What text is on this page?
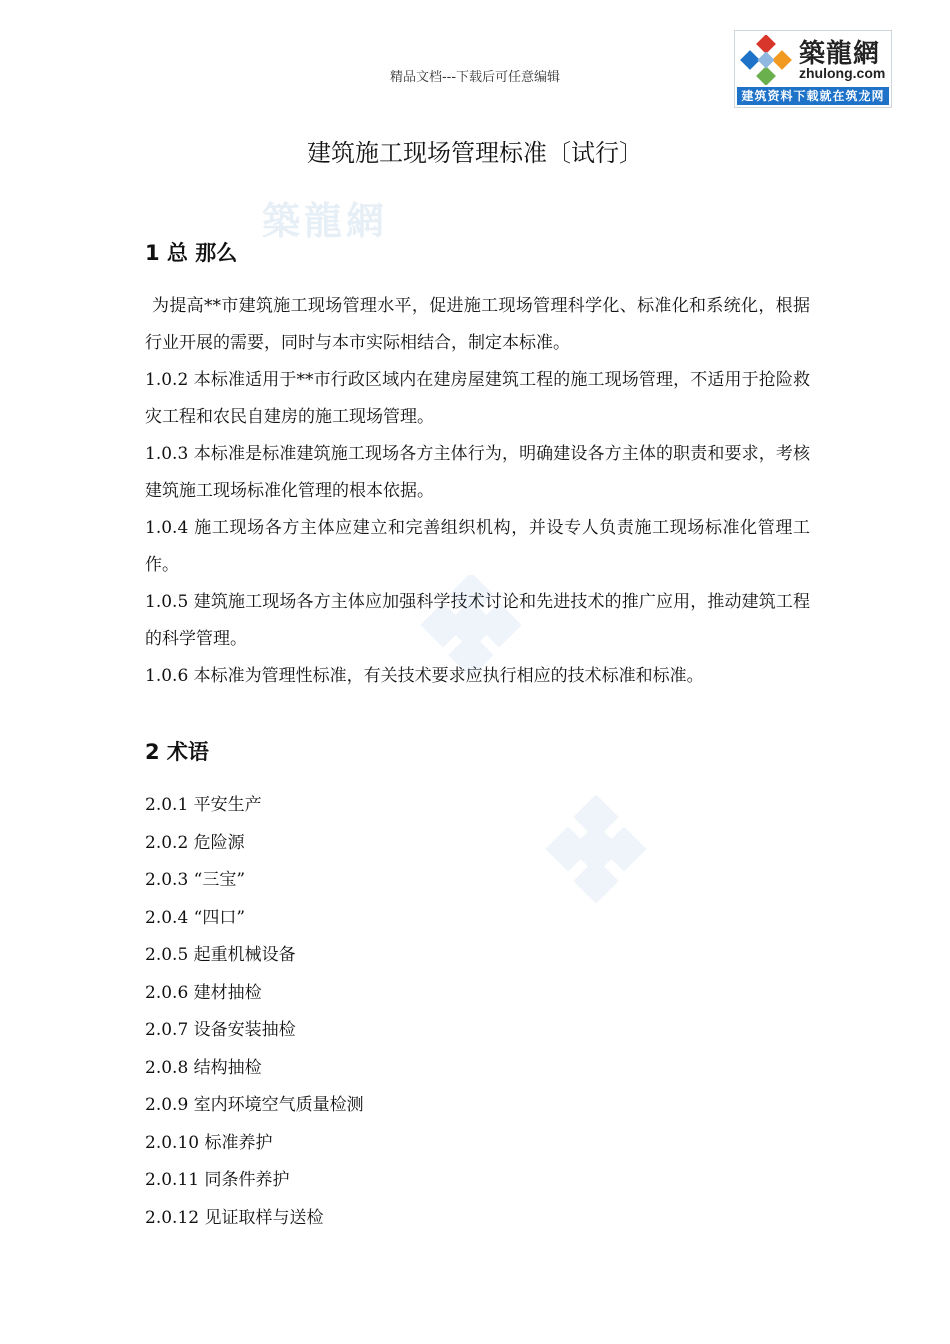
精品文档---下载后可任意编辑
築龍網
zhulong.com
建筑资料下载就在筑龙网
築龍網
建筑施工现场管理标准〔试行〕
1 总 那么

为提高**市建筑施工现场管理水平，促进施工现场管理科学化、标准化和系统化，根据行业开展的需要，同时与本市实际相结合，制定本标准。

1.0.2 本标准适用于**市行政区域内在建房屋建筑工程的施工现场管理，不适用于抢险救灾工程和农民自建房的施工现场管理。

1.0.3 本标准是标准建筑施工现场各方主体行为，明确建设各方主体的职责和要求，考核建筑施工现场标准化管理的根本依据。

1.0.4 施工现场各方主体应建立和完善组织机构，并设专人负责施工现场标准化管理工作。

1.0.5 建筑施工现场各方主体应加强科学技术讨论和先进技术的推广应用，推动建筑工程的科学管理。

1.0.6 本标准为管理性标准，有关技术要求应执行相应的技术标准和标准。

2 术语

2.0.1 平安生产

2.0.2 危险源

2.0.3 “三宝”

2.0.4 “四口”

2.0.5 起重机械设备

2.0.6 建材抽检

2.0.7 设备安装抽检

2.0.8 结构抽检

2.0.9 室内环境空气质量检测

2.0.10 标准养护

2.0.11 同条件养护

2.0.12 见证取样与送检
